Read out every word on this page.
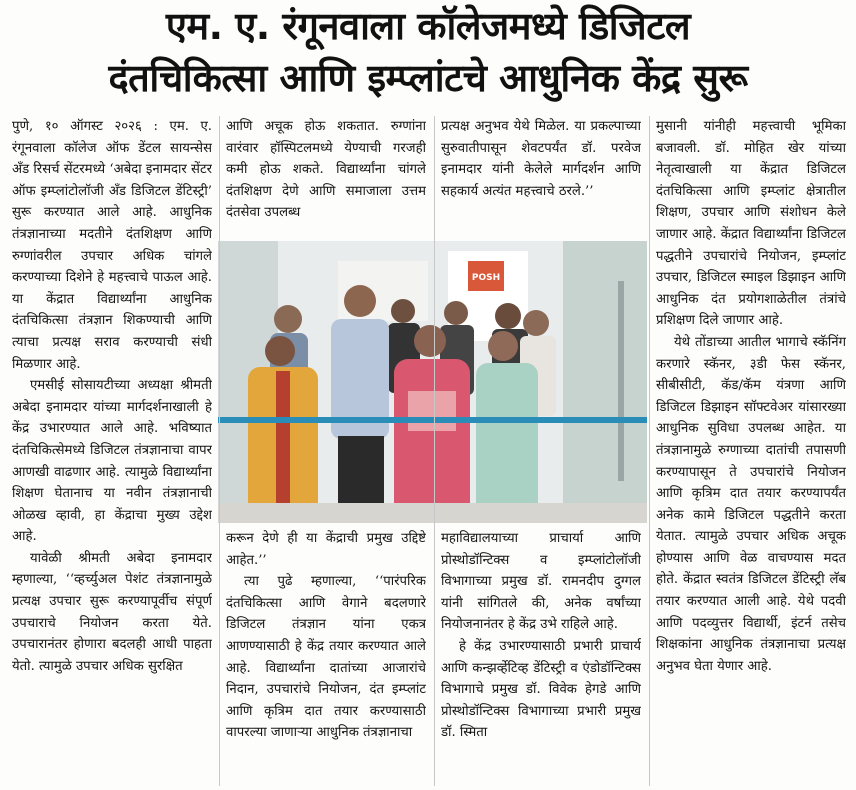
एम. ए. रंगूनवाला कॉलेजमध्ये डिजिटल
दंतचिकित्सा आणि इम्प्लांटचे आधुनिक केंद्र सुरू

पुणे, १० ऑगस्ट २०२६ : एम. ए. रंगूनवाला कॉलेज ऑफ डेंटल सायन्सेस अँड रिसर्च सेंटरमध्ये ‘अबेदा इनामदार सेंटर ऑफ इम्प्लांटोलॉजी अँड डिजिटल डेंटिस्ट्री’ सुरू करण्यात आले आहे. आधुनिक तंत्रज्ञानाच्या मदतीने दंतशिक्षण आणि रुग्णांवरील उपचार अधिक चांगले करण्याच्या दिशेने हे महत्त्वाचे पाऊल आहे. या केंद्रात विद्यार्थ्यांना आधुनिक दंतचिकित्सा तंत्रज्ञान शिकण्याची आणि त्याचा प्रत्यक्ष सराव करण्याची संधी मिळणार आहे.

एमसीई सोसायटीच्या अध्यक्षा श्रीमती अबेदा इनामदार यांच्या मार्गदर्शनाखाली हे केंद्र उभारण्यात आले आहे. भविष्यात दंतचिकित्सेमध्ये डिजिटल तंत्रज्ञानाचा वापर आणखी वाढणार आहे. त्यामुळे विद्यार्थ्यांना शिक्षण घेतानाच या नवीन तंत्रज्ञानाची ओळख व्हावी, हा केंद्राचा मुख्य उद्देश आहे.

यावेळी श्रीमती अबेदा इनामदार म्हणाल्या, ‘‘व्हर्च्युअल पेशंट तंत्रज्ञानामुळे प्रत्यक्ष उपचार सुरू करण्यापूर्वीच संपूर्ण उपचाराचे नियोजन करता येते. उपचारानंतर होणारा बदलही आधी पाहता येतो. त्यामुळे उपचार अधिक सुरक्षित

आणि अचूक होऊ शकतात. रुग्णांना वारंवार हॉस्पिटलमध्ये येण्याची गरजही कमी होऊ शकते. विद्यार्थ्यांना चांगले दंतशिक्षण देणे आणि समाजाला उत्तम दंतसेवा उपलब्ध

प्रत्यक्ष अनुभव येथे मिळेल. या प्रकल्पाच्या सुरुवातीपासून शेवटपर्यंत डॉ. परवेज इनामदार यांनी केलेले मार्गदर्शन आणि सहकार्य अत्यंत महत्त्वाचे ठरले.’’

POSH

करून देणे ही या केंद्राची प्रमुख उद्दिष्टे आहेत.’’

त्या पुढे म्हणाल्या, ‘‘पारंपरिक दंतचिकित्सा आणि वेगाने बदलणारे डिजिटल तंत्रज्ञान यांना एकत्र आणण्यासाठी हे केंद्र तयार करण्यात आले आहे. विद्यार्थ्यांना दातांच्या आजारांचे निदान, उपचारांचे नियोजन, दंत इम्प्लांट आणि कृत्रिम दात तयार करण्यासाठी वापरल्या जाणाऱ्या आधुनिक तंत्रज्ञानाचा

महाविद्यालयाच्या प्राचार्या आणि प्रोस्थोडॉन्टिक्स व इम्प्लांटोलॉजी विभागाच्या प्रमुख डॉ. रामनदीप दुग्गल यांनी सांगितले की, अनेक वर्षांच्या नियोजनानंतर हे केंद्र उभे राहिले आहे.

हे केंद्र उभारण्यासाठी प्रभारी प्राचार्य आणि कन्झर्व्हेटिव्ह डेंटिस्ट्री व एंडोडॉन्टिक्स विभागाचे प्रमुख डॉ. विवेक हेगडे आणि प्रोस्थोडॉन्टिक्स विभागाच्या प्रभारी प्रमुख डॉ. स्मिता

मुसानी यांनीही महत्त्वाची भूमिका बजावली. डॉ. मोहित खेर यांच्या नेतृत्वाखाली या केंद्रात डिजिटल दंतचिकित्सा आणि इम्प्लांट क्षेत्रातील शिक्षण, उपचार आणि संशोधन केले जाणार आहे. केंद्रात विद्यार्थ्यांना डिजिटल पद्धतीने उपचारांचे नियोजन, इम्प्लांट उपचार, डिजिटल स्माइल डिझाइन आणि आधुनिक दंत प्रयोगशाळेतील तंत्रांचे प्रशिक्षण दिले जाणार आहे.

येथे तोंडाच्या आतील भागाचे स्कॅनिंग करणारे स्कॅनर, ३डी फेस स्कॅनर, सीबीसीटी, कॅड/कॅम यंत्रणा आणि डिजिटल डिझाइन सॉफ्टवेअर यांसारख्या आधुनिक सुविधा उपलब्ध आहेत. या तंत्रज्ञानामुळे रुग्णाच्या दातांची तपासणी करण्यापासून ते उपचारांचे नियोजन आणि कृत्रिम दात तयार करण्यापर्यंत अनेक कामे डिजिटल पद्धतीने करता येतात. त्यामुळे उपचार अधिक अचूक होण्यास आणि वेळ वाचण्यास मदत होते. केंद्रात स्वतंत्र डिजिटल डेंटिस्ट्री लॅब तयार करण्यात आली आहे. येथे पदवी आणि पदव्युत्तर विद्यार्थी, इंटर्न तसेच शिक्षकांना आधुनिक तंत्रज्ञानाचा प्रत्यक्ष अनुभव घेता येणार आहे.
